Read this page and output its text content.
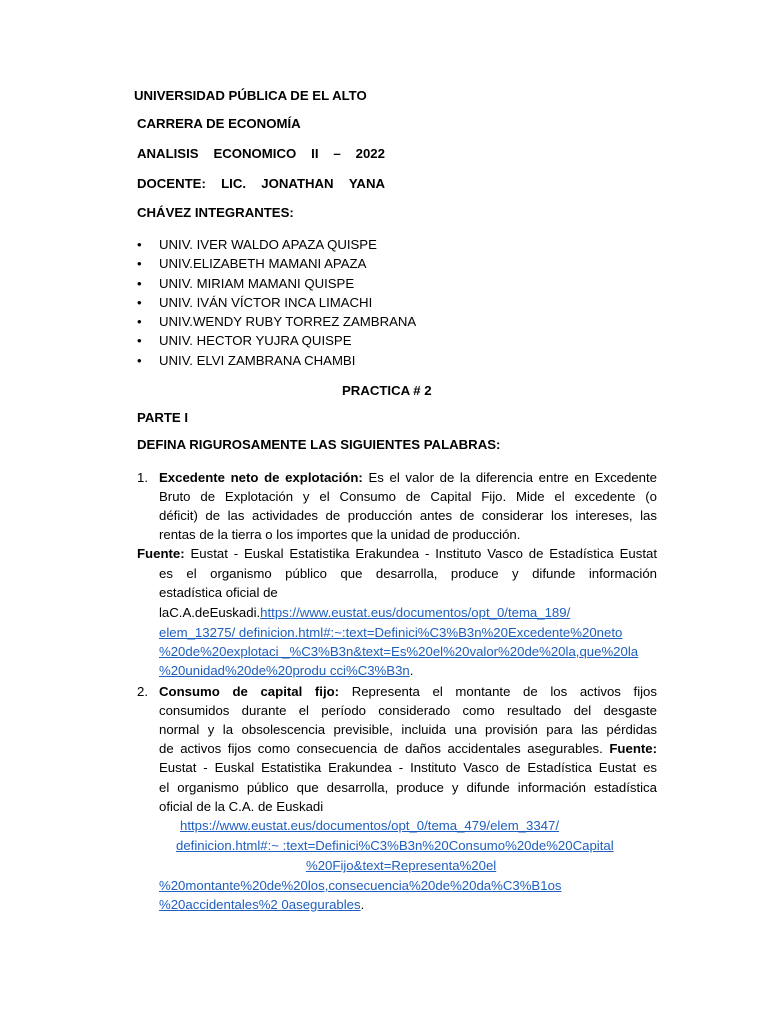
UNIVERSIDAD PÚBLICA DE EL ALTO
CARRERA DE ECONOMÍA
ANALISIS ECONOMICO II – 2022
DOCENTE: LIC. JONATHAN YANA
CHÁVEZ INTEGRANTES:
• UNIV. IVER WALDO APAZA QUISPE
• UNIV.ELIZABETH MAMANI APAZA
• UNIV. MIRIAM MAMANI QUISPE
• UNIV. IVÁN VÍCTOR INCA LIMACHI
• UNIV.WENDY RUBY TORREZ ZAMBRANA
• UNIV. HECTOR YUJRA QUISPE
• UNIV. ELVI ZAMBRANA CHAMBI
PRACTICA # 2
PARTE I
DEFINA RIGUROSAMENTE LAS SIGUIENTES PALABRAS:
1. Excedente neto de explotación: Es el valor de la diferencia entre en Excedente
Bruto de Explotación y el Consumo de Capital Fijo. Mide el excedente (o
déficit) de las actividades de producción antes de considerar los intereses, las
rentas de la tierra o los importes que la unidad de producción.
Fuente: Eustat - Euskal Estatistika Erakundea - Instituto Vasco de Estadística Eustat
es el organismo público que desarrolla, produce y difunde información
estadística oficial de
laC.A.deEuskadi.https://www.eustat.eus/documentos/opt_0/tema_189/
elem_13275/ definicion.html#:~:text=Definici%C3%B3n%20Excedente%20neto
%20de%20explotaci _%C3%B3n&text=Es%20el%20valor%20de%20la,que%20la
%20unidad%20de%20produ cci%C3%B3n.
2. Consumo de capital fijo: Representa el montante de los activos fijos
consumidos durante el período considerado como resultado del desgaste
normal y la obsolescencia previsible, incluida una provisión para las pérdidas
de activos fijos como consecuencia de daños accidentales asegurables. Fuente:
Eustat - Euskal Estatistika Erakundea - Instituto Vasco de Estadística Eustat es
el organismo público que desarrolla, produce y difunde información estadística
oficial de la C.A. de Euskadi
https://www.eustat.eus/documentos/opt_0/tema_479/elem_3347/
definicion.html#:~ :text=Definici%C3%B3n%20Consumo%20de%20Capital
%20Fijo&text=Representa%20el
%20montante%20de%20los,consecuencia%20de%20da%C3%B1os
%20accidentales%2 0asegurables.
